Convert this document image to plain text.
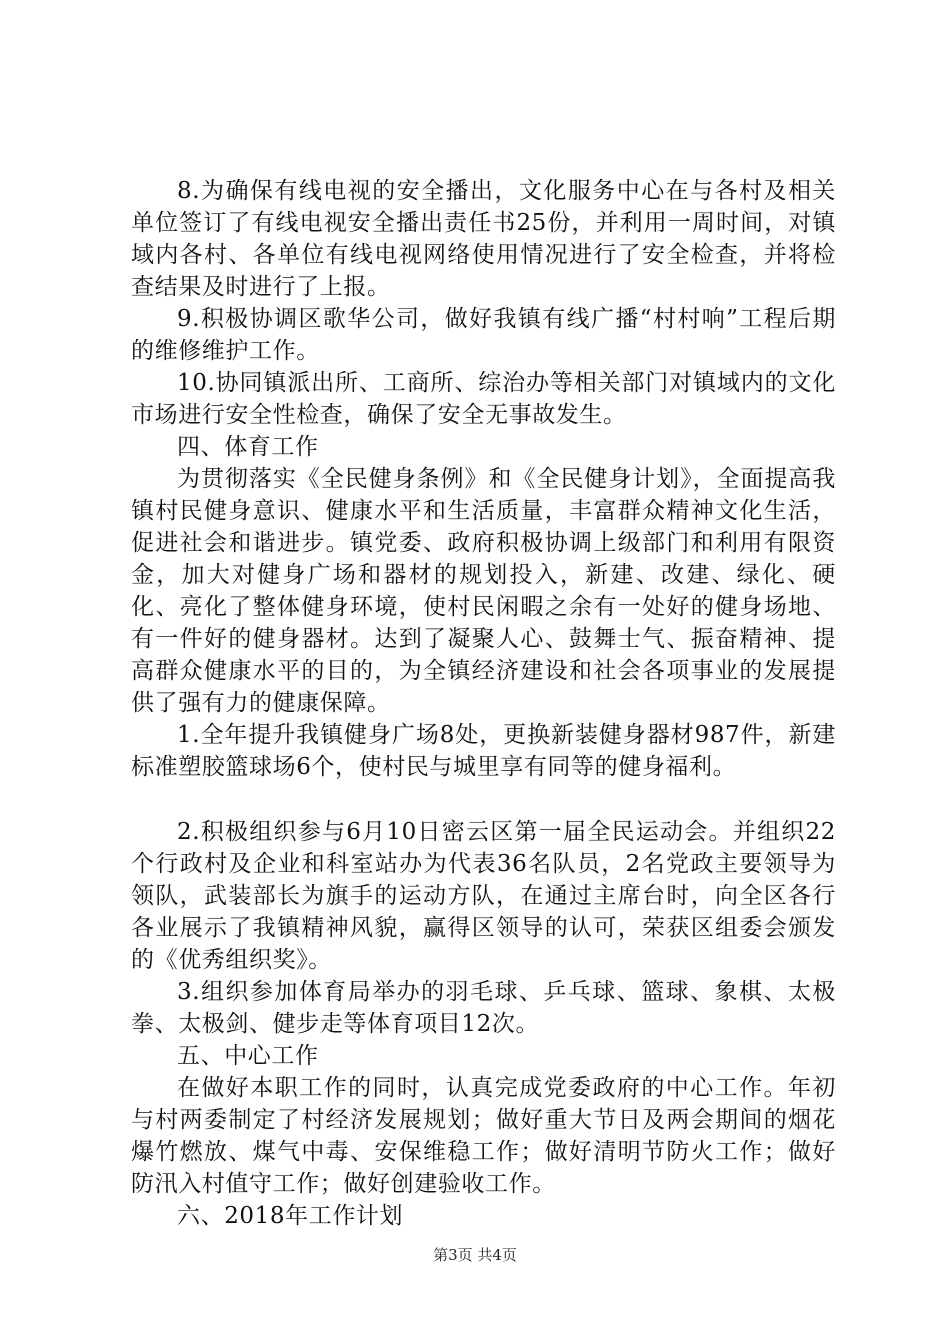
8.为确保有线电视的安全播出，文化服务中心在与各村及相关单位签订了有线电视安全播出责任书25份，并利用一周时间，对镇域内各村、各单位有线电视网络使用情况进行了安全检查，并将检查结果及时进行了上报。

9.积极协调区歌华公司，做好我镇有线广播“村村响”工程后期的维修维护工作。

10.协同镇派出所、工商所、综治办等相关部门对镇域内的文化市场进行安全性检查，确保了安全无事故发生。

四、体育工作

为贯彻落实《全民健身条例》和《全民健身计划》，全面提高我镇村民健身意识、健康水平和生活质量，丰富群众精神文化生活，促进社会和谐进步。镇党委、政府积极协调上级部门和利用有限资金，加大对健身广场和器材的规划投入，新建、改建、绿化、硬化、亮化了整体健身环境，使村民闲暇之余有一处好的健身场地、有一件好的健身器材。达到了凝聚人心、鼓舞士气、振奋精神、提高群众健康水平的目的，为全镇经济建设和社会各项事业的发展提供了强有力的健康保障。

1.全年提升我镇健身广场8处，更换新装健身器材987件，新建标准塑胶篮球场6个，使村民与城里享有同等的健身福利。

2.积极组织参与6月10日密云区第一届全民运动会。并组织22个行政村及企业和科室站办为代表36名队员，2名党政主要领导为领队，武装部长为旗手的运动方队，在通过主席台时，向全区各行各业展示了我镇精神风貌，赢得区领导的认可，荣获区组委会颁发的《优秀组织奖》。

3.组织参加体育局举办的羽毛球、乒乓球、篮球、象棋、太极拳、太极剑、健步走等体育项目12次。

五、中心工作

在做好本职工作的同时，认真完成党委政府的中心工作。年初与村两委制定了村经济发展规划；做好重大节日及两会期间的烟花爆竹燃放、煤气中毒、安保维稳工作；做好清明节防火工作；做好防汛入村值守工作；做好创建验收工作。

六、2018年工作计划

第3页 共4页
